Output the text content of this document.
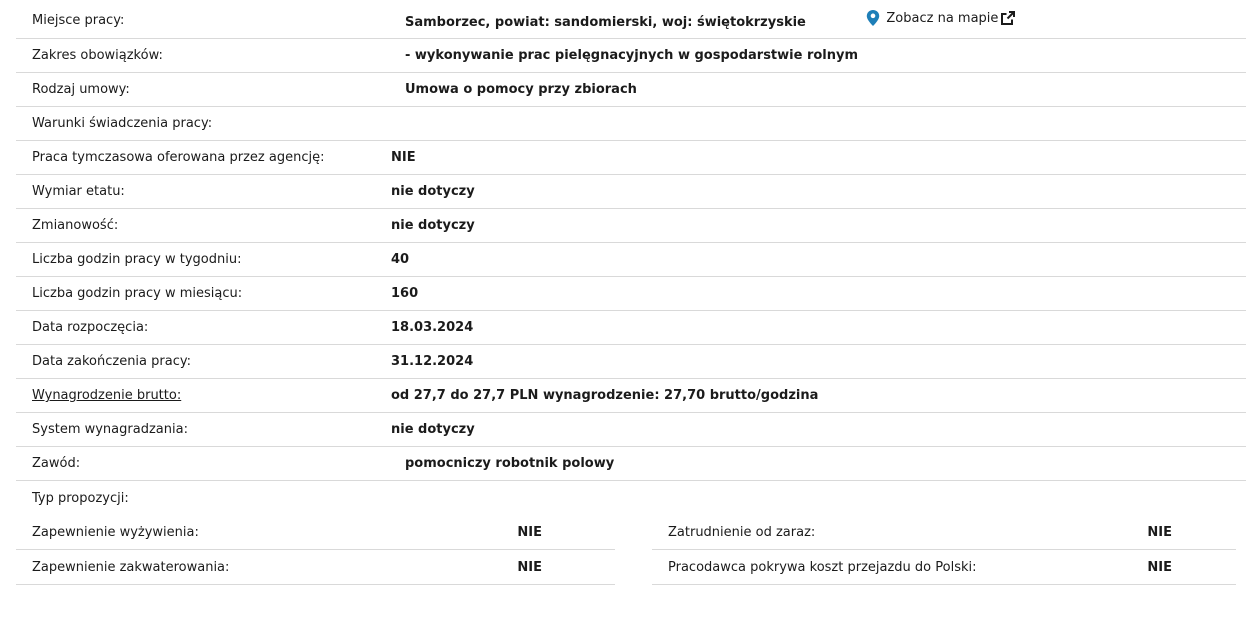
Miejsce pracy:	Samborzec, powiat: sandomierski, woj: świętokrzyskie	Zobacz na mapie
Zakres obowiązków:	- wykonywanie prac pielęgnacyjnych w gospodarstwie rolnym
Rodzaj umowy:	Umowa o pomocy przy zbiorach
Warunki świadczenia pracy:
Praca tymczasowa oferowana przez agencję:	NIE
Wymiar etatu:	nie dotyczy
Zmianowość:	nie dotyczy
Liczba godzin pracy w tygodniu:	40
Liczba godzin pracy w miesiącu:	160
Data rozpoczęcia:	18.03.2024
Data zakończenia pracy:	31.12.2024
Wynagrodzenie brutto:	od 27,7 do 27,7 PLN wynagrodzenie: 27,70 brutto/godzina
System wynagradzania:	nie dotyczy
Zawód:	pomocniczy robotnik polowy
Typ propozycji:
Zapewnienie wyżywienia:	NIE
Zapewnienie zakwaterowania:	NIE
Zatrudnienie od zaraz:	NIE
Pracodawca pokrywa koszt przejazdu do Polski:	NIE
